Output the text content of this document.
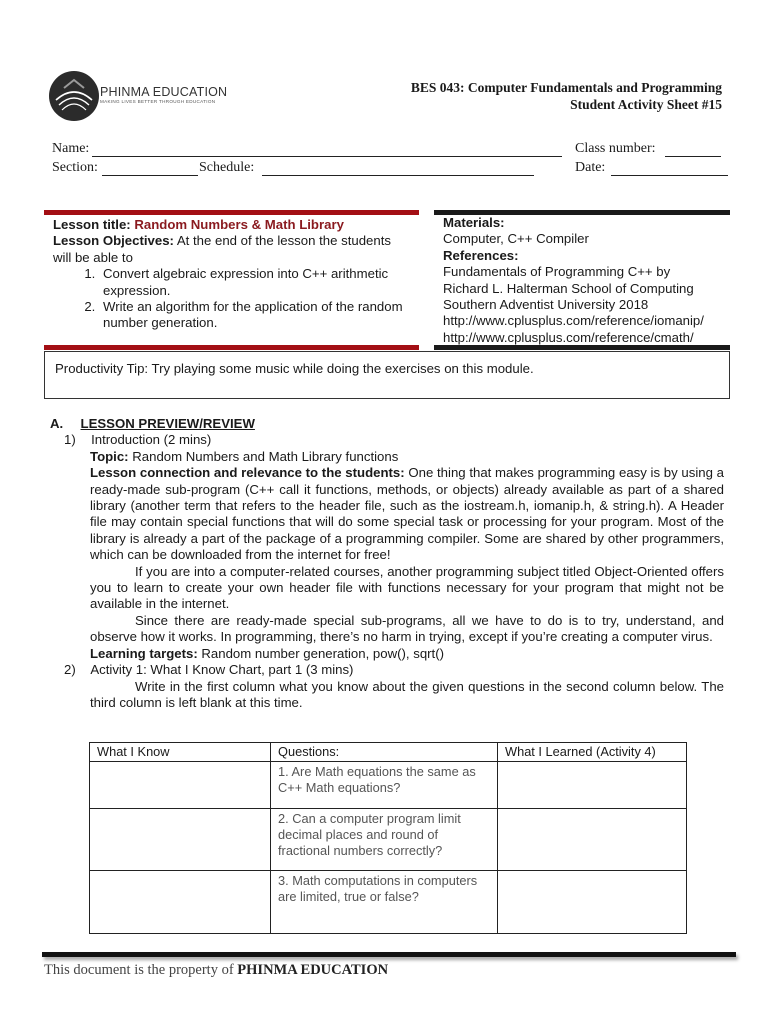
PHINMA EDUCATION
MAKING LIVES BETTER THROUGH EDUCATION
BES 043: Computer Fundamentals and Programming
Student Activity Sheet #15
Name:	Class number:
Section:	Schedule:	Date:
Lesson title: Random Numbers & Math Library
Lesson Objectives: At the end of the lesson the students will be able to
1. Convert algebraic expression into C++ arithmetic expression.
2. Write an algorithm for the application of the random number generation.
Materials:
Computer, C++ Compiler
References:
Fundamentals of Programming C++ by
Richard L. Halterman School of Computing
Southern Adventist University 2018
http://www.cplusplus.com/reference/iomanip/
http://www.cplusplus.com/reference/cmath/
Productivity Tip: Try playing some music while doing the exercises on this module.
A. LESSON PREVIEW/REVIEW
1) Introduction (2 mins)
Topic: Random Numbers and Math Library functions
Lesson connection and relevance to the students: One thing that makes programming easy is by using a ready-made sub-program (C++ call it functions, methods, or objects) already available as part of a shared library (another term that refers to the header file, such as the iostream.h, iomanip.h, & string.h). A Header file may contain special functions that will do some special task or processing for your program. Most of the library is already a part of the package of a programming compiler. Some are shared by other programmers, which can be downloaded from the internet for free!
If you are into a computer-related courses, another programming subject titled Object-Oriented offers you to learn to create your own header file with functions necessary for your program that might not be available in the internet.
Since there are ready-made special sub-programs, all we have to do is to try, understand, and observe how it works. In programming, there’s no harm in trying, except if you’re creating a computer virus.
Learning targets: Random number generation, pow(), sqrt()
2) Activity 1: What I Know Chart, part 1 (3 mins)
Write in the first column what you know about the given questions in the second column below. The third column is left blank at this time.
What I Know	Questions:	What I Learned (Activity 4)
	1. Are Math equations the same as C++ Math equations?	
	2. Can a computer program limit decimal places and round of fractional numbers correctly?	
	3. Math computations in computers are limited, true or false?	
This document is the property of PHINMA EDUCATION
